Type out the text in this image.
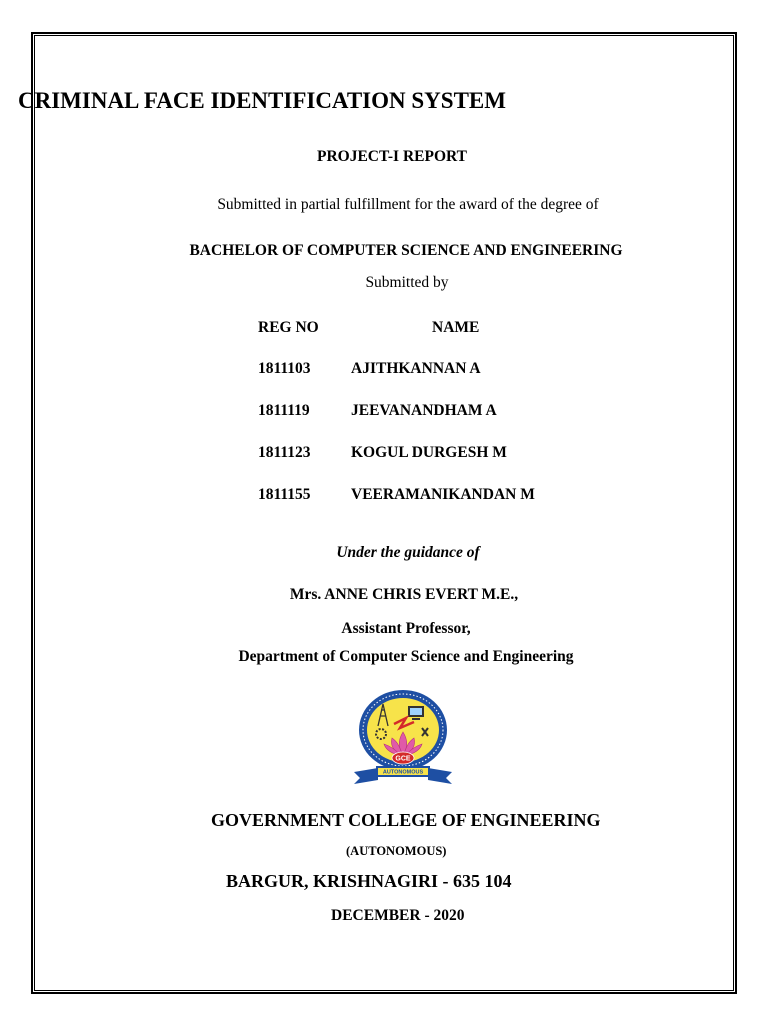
CRIMINAL FACE IDENTIFICATION SYSTEM
PROJECT-I REPORT
Submitted in partial fulfillment for the award of the degree of
BACHELOR OF COMPUTER SCIENCE AND ENGINEERING
Submitted by
REG NO	NAME
1811103	AJITHKANNAN A
1811119	JEEVANANDHAM A
1811123	KOGUL DURGESH M
1811155	VEERAMANIKANDAN M
Under the guidance of
Mrs. ANNE CHRIS EVERT M.E.,
Assistant Professor,
Department of Computer Science and Engineering
GCE
AUTONOMOUS
GOVERNMENT COLLEGE OF ENGINEERING
(AUTONOMOUS)
BARGUR, KRISHNAGIRI - 635 104
DECEMBER - 2020
